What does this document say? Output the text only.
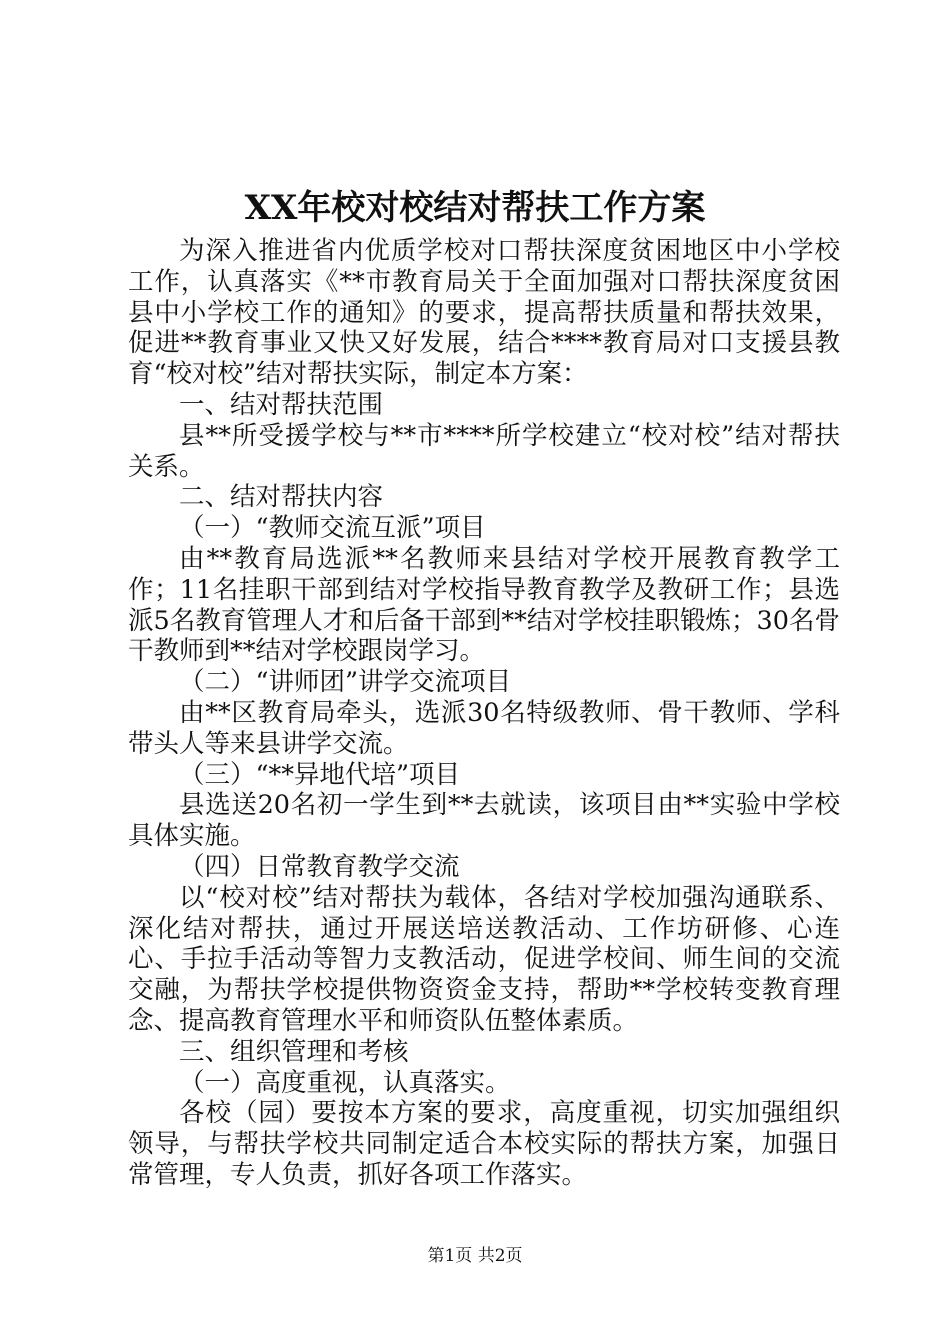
XX年校对校结对帮扶工作方案

为深入推进省内优质学校对口帮扶深度贫困地区中小学校工作，认真落实《**市教育局关于全面加强对口帮扶深度贫困县中小学校工作的通知》的要求，提高帮扶质量和帮扶效果，促进**教育事业又快又好发展，结合****教育局对口支援县教育“校对校”结对帮扶实际，制定本方案：

一、结对帮扶范围

县**所受援学校与**市****所学校建立“校对校”结对帮扶关系。

二、结对帮扶内容

（一）“教师交流互派”项目

由**教育局选派**名教师来县结对学校开展教育教学工作；11名挂职干部到结对学校指导教育教学及教研工作；县选派5名教育管理人才和后备干部到**结对学校挂职锻炼；30名骨干教师到**结对学校跟岗学习。

（二）“讲师团”讲学交流项目

由**区教育局牵头，选派30名特级教师、骨干教师、学科带头人等来县讲学交流。

（三）“**异地代培”项目

县选送20名初一学生到**去就读，该项目由**实验中学校具体实施。

（四）日常教育教学交流

以“校对校”结对帮扶为载体，各结对学校加强沟通联系、深化结对帮扶，通过开展送培送教活动、工作坊研修、心连心、手拉手活动等智力支教活动，促进学校间、师生间的交流交融，为帮扶学校提供物资资金支持，帮助**学校转变教育理念、提高教育管理水平和师资队伍整体素质。

三、组织管理和考核

（一）高度重视，认真落实。

各校（园）要按本方案的要求，高度重视，切实加强组织领导，与帮扶学校共同制定适合本校实际的帮扶方案，加强日常管理，专人负责，抓好各项工作落实。

第1页 共2页
